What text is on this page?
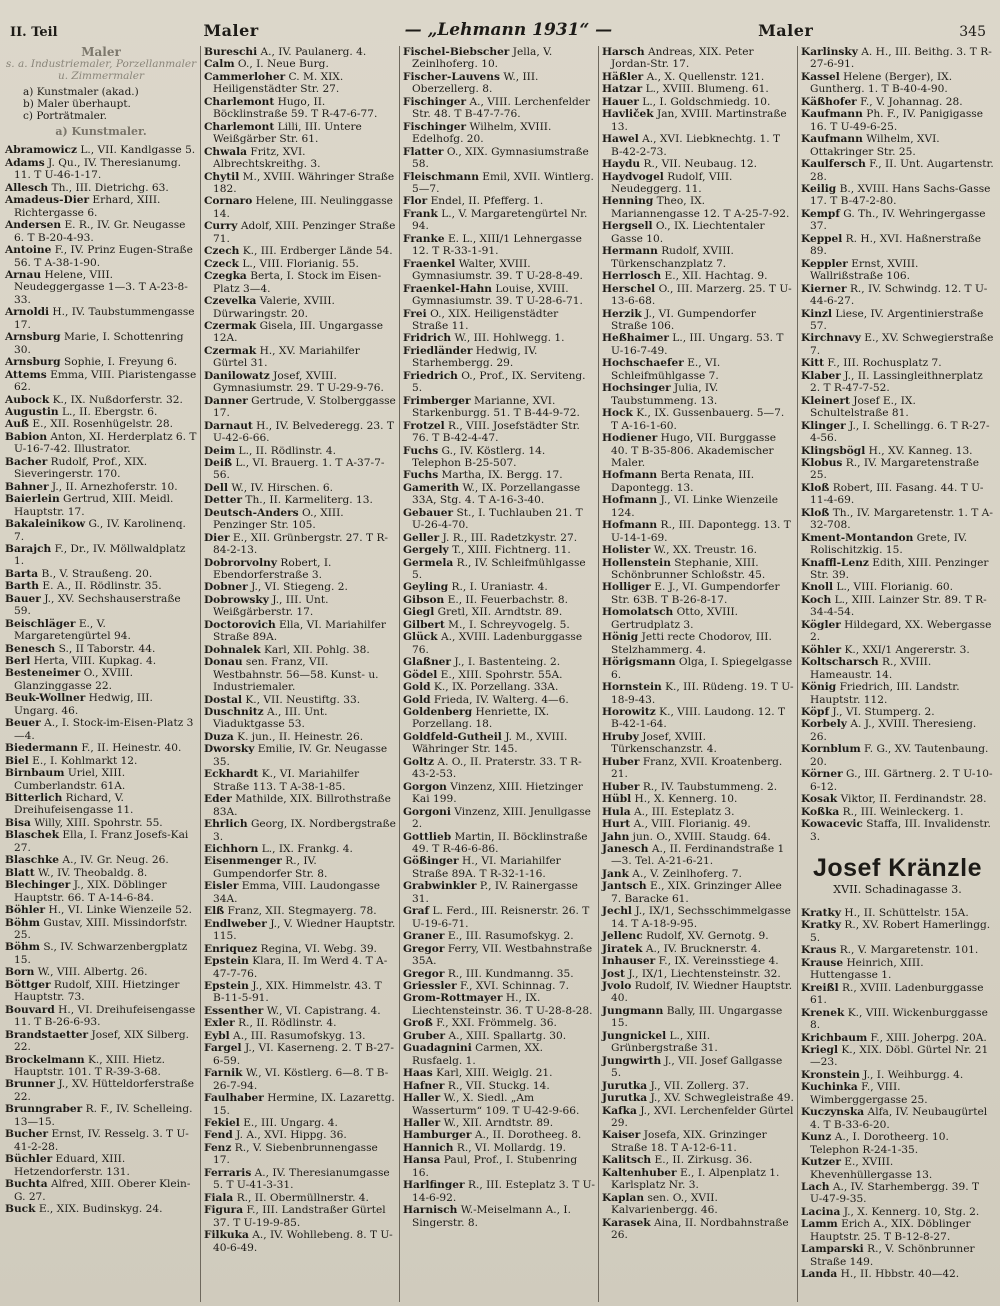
II. Teil	Maler	— „Lehmann 1931“ —	Maler	345
Maler
s. a. Industriemaler, Porzellanmaler u. Zimmermaler
a) Kunstmaler (akad.)
b) Maler überhaupt.
c) Porträtmaler.
a) Kunstmaler.
Abramowicz L., VII. Kandlgasse 5.
Adams J. Qu., IV. Theresianumg. 11. T U-46-1-17.
Allesch Th., III. Dietrichg. 63.
Amadeus-Dier Erhard, XIII. Richtergasse 6.
Andersen E. R., IV. Gr. Neugasse 6. T B-20-4-93.
Antoine F., IV. Prinz Eugen-Straße 56. T A-38-1-90.
Arnau Helene, VIII. Neudeggergasse 1—3. T A-23-8-33.
Arnoldi H., IV. Taubstummengasse 17.
Arnsburg Marie, I. Schottenring 30.
Arnsburg Sophie, I. Freyung 6.
Attems Emma, VIII. Piaristengasse 62.
Aubock K., IX. Nußdorferstr. 32.
Augustin L., II. Ebergstr. 6.
Auß E., XII. Rosenhügelstr. 28.
Babion Anton, XI. Herderplatz 6. T U-16-7-42. Illustrator.
Bacher Rudolf, Prof., XIX. Sieveringerstr. 170.
Bahner J., II. Arnezhoferstr. 10.
Baierlein Gertrud, XIII. Meidl. Hauptstr. 17.
Bakaleinikow G., IV. Karolinenq. 7.
Barajch F., Dr., IV. Möllwaldplatz 1.
Barta B., V. Straußeng. 20.
Barth E. A., II. Rödlinstr. 35.
Bauer J., XV. Sechshauserstraße 59.
Beischläger E., V. Margaretengürtel 94.
Benesch S., II Taborstr. 44.
Berl Herta, VIII. Kupkag. 4.
Besteneimer O., XVIII. Glanzinggasse 22.
Beuk-Wollner Hedwig, III. Ungarg. 46.
Beuer A., I. Stock-im-Eisen-Platz 3—4.
Biedermann F., II. Heinestr. 40.
Biel E., I. Kohlmarkt 12.
Birnbaum Uriel, XIII. Cumberlandstr. 61A.
Bitterlich Richard, V. Dreihufeisengasse 11.
Bisa Willy, XIII. Spohrstr. 55.
Blaschek Ella, I. Franz Josefs-Kai 27.
Blaschke A., IV. Gr. Neug. 26.
Blatt W., IV. Theobaldg. 8.
Blechinger J., XIX. Döblinger Hauptstr. 66. T A-14-6-84.
Böhler H., VI. Linke Wienzeile 52.
Böhm Gustav, XIII. Missindorfstr. 25.
Böhm S., IV. Schwarzenbergplatz 15.
Born W., VIII. Albertg. 26.
Böttger Rudolf, XIII. Hietzinger Hauptstr. 73.
Bouvard H., VI. Dreihufeisengasse 11. T B-26-6-93.
Brandstaetter Josef, XIX Silberg. 22.
Brockelmann K., XIII. Hietz. Hauptstr. 101. T R-39-3-68.
Brunner J., XV. Hütteldorferstraße 22.
Brunngraber R. F., IV. Schelleing. 13—15.
Bucher Ernst, IV. Resselg. 3. T U-41-2-28.
Büchler Eduard, XIII. Hetzendorferstr. 131.
Buchta Alfred, XIII. Oberer Klein-G. 27.
Buck E., XIX. Budinskyg. 24.
Bureschi A., IV. Paulanerg. 4.
Calm O., I. Neue Burg.
Cammerloher C. M. XIX. Heiligenstädter Str. 27.
Charlemont Hugo, II. Böcklinstraße 59. T R-47-6-77.
Charlemont Lilli, III. Untere Weißgärber Str. 61.
Chwala Fritz, XVI. Albrechtskreithg. 3.
Chytil M., XVIII. Währinger Straße 182.
Cornaro Helene, III. Neulinggasse 14.
Curry Adolf, XIII. Penzinger Straße 71.
Czech K., III. Erdberger Lände 54.
Czeck L., VIII. Florianig. 55.
Czegka Berta, I. Stock im Eisen-Platz 3—4.
Czevelka Valerie, XVIII. Dürwaringstr. 20.
Czermak Gisela, III. Ungargasse 12A.
Czermak H., XV. Mariahilfer Gürtel 31.
Danilowatz Josef, XVIII. Gymnasiumstr. 29. T U-29-9-76.
Danner Gertrude, V. Stolberggasse 17.
Darnaut H., IV. Belvederegg. 23. T U-42-6-66.
Deim L., II. Rödlinstr. 4.
Deiß L., VI. Brauerg. 1. T A-37-7-56.
Dell W., IV. Hirschen. 6.
Detter Th., II. Karmeliterg. 13.
Deutsch-Anders O., XIII. Penzinger Str. 105.
Dier E., XII. Grünbergstr. 27. T R-84-2-13.
Dobrorvolny Robert, I. Ebendorferstraße 3.
Dobner J., VI. Stiegeng. 2.
Dobrowsky J., III. Unt. Weißgärberstr. 17.
Doctorovich Ella, VI. Mariahilfer Straße 89A.
Dohnalek Karl, XII. Pohlg. 38.
Donau sen. Franz, VII. Westbahnstr. 56—58. Kunst- u. Industriemaler.
Dostal K., VII. Neustiftg. 33.
Duschnitz A., III. Unt. Viaduktgasse 53.
Duza K. jun., II. Heinestr. 26.
Dworsky Emilie, IV. Gr. Neugasse 35.
Eckhardt K., VI. Mariahilfer Straße 113. T A-38-1-85.
Eder Mathilde, XIX. Billrothstraße 83A.
Ehrlich Georg, IX. Nordbergstraße 3.
Eichhorn L., IX. Frankg. 4.
Eisenmenger R., IV. Gumpendorfer Str. 8.
Eisler Emma, VIII. Laudongasse 34A.
Elß Franz, XII. Stegmayerg. 78.
Endlweber J., V. Wiedner Hauptstr. 115.
Enriquez Regina, VI. Webg. 39.
Epstein Klara, II. Im Werd 4. T A-47-7-76.
Epstein J., XIX. Himmelstr. 43. T B-11-5-91.
Essenther W., VI. Capistrang. 4.
Exler R., II. Rödlinstr. 4.
Eybl A., III. Rasumofskyg. 13.
Fargel J., VI. Kaserneng. 2. T B-27-6-59.
Farnik W., VI. Köstlerg. 6—8. T B-26-7-94.
Faulhaber Hermine, IX. Lazarettg. 15.
Fekiel E., III. Ungarg. 4.
Fend J. A., XVI. Hippg. 36.
Fenz R., V. Siebenbrunnengasse 17.
Ferraris A., IV. Theresianumgasse 5. T U-41-3-31.
Fiala R., II. Obermüllnerstr. 4.
Figura F., III. Landstraßer Gürtel 37. T U-19-9-85.
Filkuka A., IV. Wohllebeng. 8. T U-40-6-49.
Fischel-Biebscher Jella, V. Zeinlhoferg. 10.
Fischer-Lauvens W., III. Oberzellerg. 8.
Fischinger A., VIII. Lerchenfelder Str. 48. T B-47-7-76.
Fischinger Wilhelm, XVIII. Edelhofg. 20.
Flatter O., XIX. Gymnasiumstraße 58.
Fleischmann Emil, XVII. Wintlerg. 5—7.
Flor Endel, II. Pfefferg. 1.
Frank L., V. Margaretengürtel Nr. 94.
Franke E. L., XIII/1 Lehnergasse 12. T R-33-1-91.
Fraenkel Walter, XVIII. Gymnasiumstr. 39. T U-28-8-49.
Fraenkel-Hahn Louise, XVIII. Gymnasiumstr. 39. T U-28-6-71.
Frei O., XIX. Heiligenstädter Straße 11.
Fridrich W., III. Hohlwegg. 1.
Friedländer Hedwig, IV. Starhembergg. 29.
Friedrich O., Prof., IX. Serviteng. 5.
Frimberger Marianne, XVI. Starkenburgg. 51. T B-44-9-72.
Frotzel R., VIII. Josefstädter Str. 76. T B-42-4-47.
Fuchs G., IV. Köstlerg. 14. Telephon B-25-507.
Fuchs Martha, IX. Bergg. 17.
Gamerith W., IX. Porzellangasse 33A, Stg. 4. T A-16-3-40.
Gebauer St., I. Tuchlauben 21. T U-26-4-70.
Geller J. R., III. Radetzkystr. 27.
Gergely T., XIII. Fichtnerg. 11.
Germela R., IV. Schleifmühlgasse 5.
Geyling R., I. Uraniastr. 4.
Gibson E., II. Feuerbachstr. 8.
Giegl Gretl, XII. Arndtstr. 89.
Gilbert M., I. Schreyvogelg. 5.
Glück A., XVIII. Ladenburggasse 76.
Glaßner J., I. Bastenteing. 2.
Gödel E., XIII. Spohrstr. 55A.
Gold K., IX. Porzellang. 33A.
Gold Frieda, IV. Walterg. 4—6.
Goldenberg Henriette, IX. Porzellang. 18.
Goldfeld-Gutheil J. M., XVIII. Währinger Str. 145.
Goltz A. O., II. Praterstr. 33. T R-43-2-53.
Gorgon Vinzenz, XIII. Hietzinger Kai 199.
Gorgoni Vinzenz, XIII. Jenullgasse 2.
Gottlieb Martin, II. Böcklinstraße 49. T R-46-6-86.
Gößinger H., VI. Mariahilfer Straße 89A. T R-32-1-16.
Grabwinkler P., IV. Rainergasse 31.
Graf L. Ferd., III. Reisnerstr. 26. T U-19-6-71.
Graner E., III. Rasumofskyg. 2.
Gregor Ferry, VII. Westbahnstraße 35A.
Gregor R., III. Kundmanng. 35.
Griessler F., XVI. Schinnag. 7.
Grom-Rottmayer H., IX. Liechtensteinstr. 36. T U-28-8-28.
Groß F., XXI. Frömmelg. 36.
Gruber A., XIII. Spallartg. 30.
Guadagnini Carmen, XX. Rusfaelg. 1.
Haas Karl, XIII. Weiglg. 21.
Hafner R., VII. Stuckg. 14.
Haller W., X. Siedl. „Am Wasserturm“ 109. T U-42-9-66.
Haller W., XII. Arndtstr. 89.
Hamburger A., II. Dorotheeg. 8.
Hannich R., VI. Mollardg. 19.
Hansa Paul, Prof., I. Stubenring 16.
Harlfinger R., III. Esteplatz 3. T U-14-6-92.
Harnisch W.-Meiselmann A., I. Singerstr. 8.
Harsch Andreas, XIX. Peter Jordan-Str. 17.
Häßler A., X. Quellenstr. 121.
Hatzar L., XVIII. Blumeng. 61.
Hauer L., I. Goldschmiedg. 10.
Havliček Jan, XVIII. Martinstraße 13.
Hawel A., XVI. Liebknechtg. 1. T B-42-2-73.
Haydu R., VII. Neubaug. 12.
Haydvogel Rudolf, VIII. Neudeggerg. 11.
Henning Theo, IX. Mariannengasse 12. T A-25-7-92.
Hergsell O., IX. Liechtentaler Gasse 10.
Hermann Rudolf, XVIII. Türkenschanzplatz 7.
Herrlosch E., XII. Hachtag. 9.
Herschel O., III. Marzerg. 25. T U-13-6-68.
Herzik J., VI. Gumpendorfer Straße 106.
Heßhaimer L., III. Ungarg. 53. T U-16-7-49.
Hochschaefer E., VI. Schleifmühlgasse 7.
Hochsinger Julia, IV. Taubstummeng. 13.
Hock K., IX. Gussenbauerg. 5—7. T A-16-1-60.
Hodiener Hugo, VII. Burggasse 40. T B-35-806. Akademischer Maler.
Hofmann Berta Renata, III. Dapontegg. 13.
Hofmann J., VI. Linke Wienzeile 124.
Hofmann R., III. Dapontegg. 13. T U-14-1-69.
Holister W., XX. Treustr. 16.
Hollenstein Stephanie, XIII. Schönbrunner Schloßstr. 45.
Holliger E. J., VI. Gumpendorfer Str. 63B. T B-26-8-17.
Homolatsch Otto, XVIII. Gertrudplatz 3.
Hönig Jetti recte Chodorov, III. Stelzhammerg. 4.
Hörigsmann Olga, I. Spiegelgasse 6.
Hornstein K., III. Rüdeng. 19. T U-18-9-43.
Horowitz K., VIII. Laudong. 12. T B-42-1-64.
Hruby Josef, XVIII. Türkenschanzstr. 4.
Huber Franz, XVII. Kroatenberg. 21.
Huber R., IV. Taubstummeng. 2.
Hübl H., X. Kennerg. 10.
Hula A., III. Esteplatz 3.
Hurt A., VIII. Florianig. 49.
Jahn jun. O., XVIII. Staudg. 64.
Janesch A., II. Ferdinandstraße 1—3. Tel. A-21-6-21.
Jank A., V. Zeinlhoferg. 7.
Jantsch E., XIX. Grinzinger Allee 7. Baracke 61.
Jechl J., IX/1, Sechsschimmelgasse 14. T A-18-9-95.
Jellenc Rudolf, XV. Gernotg. 9.
Jiratek A., IV. Brucknerstr. 4.
Inhauser F., IX. Vereinsstiege 4.
Jost J., IX/1, Liechtensteinstr. 32.
Jvolo Rudolf, IV. Wiedner Hauptstr. 40.
Jungmann Bally, III. Ungargasse 15.
Jungnickel L., XIII. Grünbergstraße 31.
Jungwirth J., VII. Josef Gallgasse 5.
Jurutka J., VII. Zollerg. 37.
Jurutka J., XV. Schwegleistraße 49.
Kafka J., XVI. Lerchenfelder Gürtel 29.
Kaiser Josefa, XIX. Grinzinger Straße 18. T A-12-6-11.
Kalitsch E., II. Zirkusg. 36.
Kaltenhuber E., I. Alpenplatz 1. Karlsplatz Nr. 3.
Kaplan sen. O., XVII. Kalvarienbergg. 46.
Karasek Aina, II. Nordbahnstraße 26.
Karlinsky A. H., III. Beithg. 3. T R-27-6-91.
Kassel Helene (Berger), IX. Guntherg. 1. T B-40-4-90.
Käßhofer F., V. Johannag. 28.
Kaufmann Ph. F., IV. Panigigasse 16. T U-49-6-25.
Kaufmann Wilhelm, XVI. Ottakringer Str. 25.
Kaulfersch F., II. Unt. Augartenstr. 28.
Keilig B., XVIII. Hans Sachs-Gasse 17. T B-47-2-80.
Kempf G. Th., IV. Wehringergasse 37.
Keppel R. H., XVI. Haßnerstraße 89.
Keppler Ernst, XVIII. Wallrißstraße 106.
Kierner R., IV. Schwindg. 12. T U-44-6-27.
Kinzl Liese, IV. Argentinierstraße 57.
Kirchnavy E., XV. Schwegierstraße 7.
Kitt F., III. Rochusplatz 7.
Klaber J., II. Lassingleithnerplatz 2. T R-47-7-52.
Kleinert Josef E., IX. Schultelstraße 81.
Klinger J., I. Schellingg. 6. T R-27-4-56.
Klingsbögl H., XV. Kanneg. 13.
Klobus R., IV. Margaretenstraße 25.
Kloß Robert, III. Fasang. 44. T U-11-4-69.
Kloß Th., IV. Margaretenstr. 1. T A-32-708.
Kment-Montandon Grete, IV. Rolischitzkig. 15.
Knaffl-Lenz Edith, XIII. Penzinger Str. 39.
Knoll L., VIII. Florianig. 60.
Koch L., XIII. Lainzer Str. 89. T R-34-4-54.
Kögler Hildegard, XX. Webergasse 2.
Köhler K., XXI/1 Angererstr. 3.
Koltscharsch R., XVIII. Hameaustr. 14.
König Friedrich, III. Landstr. Hauptstr. 112.
Köpf J., VI. Stumperg. 2.
Korbely A. J., XVIII. Theresieng. 26.
Kornblum F. G., XV. Tautenbaung. 20.
Körner G., III. Gärtnerg. 2. T U-10-6-12.
Kosak Viktor, II. Ferdinandstr. 28.
Koßka R., III. Weinleckerg. 1.
Kowacevic Staffa, III. Invalidenstr. 3.
Josef Kränzle
XVII. Schadinagasse 3.
Kratky H., II. Schüttelstr. 15A.
Kratky R., XV. Robert Hamerlingg. 5.
Kraus R., V. Margaretenstr. 101.
Krause Heinrich, XIII. Huttengasse 1.
Kreißl R., XVIII. Ladenburggasse 61.
Krenek K., VIII. Wickenburggasse 8.
Krichbaum F., XIII. Joherpg. 20A.
Kriegl K., XIX. Döbl. Gürtel Nr. 21—23.
Kronstein J., I. Weihburgg. 4.
Kuchinka F., VIII. Wimberggergasse 25.
Kuczynska Alfa, IV. Neubaugürtel 4. T B-33-6-20.
Kunz A., I. Dorotheerg. 10. Telephon R-24-1-35.
Kutzer E., XVIII. Khevenhüllergasse 13.
Lach A., IV. Starhembergg. 39. T U-47-9-35.
Lacina J., X. Kennerg. 10, Stg. 2.
Lamm Erich A., XIX. Döblinger Hauptstr. 25. T B-12-8-27.
Lamparski R., V. Schönbrunner Straße 149.
Landa H., II. Hbbstr. 40—42.
